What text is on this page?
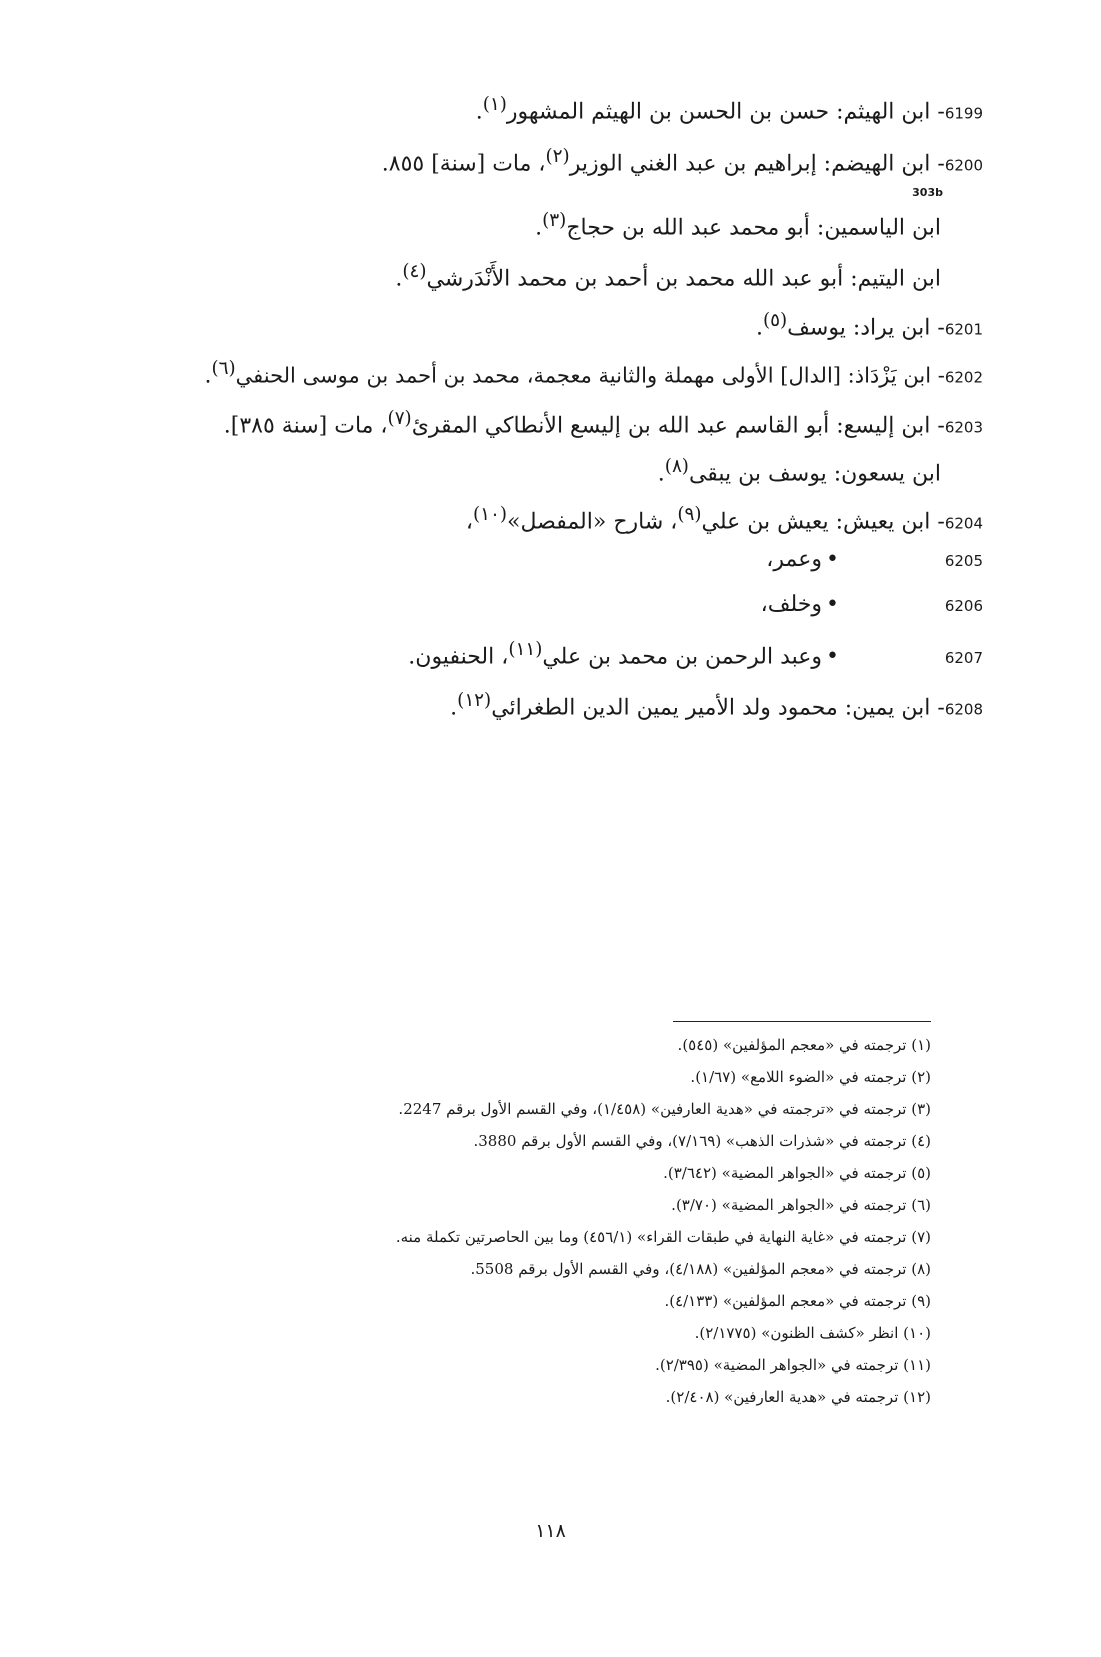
6199- ابن الهيثم: حسن بن الحسن بن الهيثم المشهور$^{(١)}$.
6200- ابن الهيضم: إبراهيم بن عبد الغني الوزير$^{(٢)}$، مات [سنة] ٨٥٥.
303b
ابن الياسمين: أبو محمد عبد الله بن حجاج$^{(٣)}$.
ابن اليتيم: أبو عبد الله محمد بن أحمد بن محمد الأَنْدَرشي$^{(٤)}$.
6201- ابن يراد: يوسف$^{(٥)}$.
6202- ابن يَزْدَاذ: [الدال] الأولى مهملة والثانية معجمة، محمد بن أحمد بن موسى الحنفي$^{(٦)}$.
6203- ابن إليسع: أبو القاسم عبد الله بن إليسع الأنطاكي المقرئ$^{(٧)}$، مات [سنة ٣٨٥].
ابن يسعون: يوسف بن يبقى$^{(٨)}$.
6204- ابن يعيش: يعيش بن علي$^{(٩)}$، شارح «المفصل»$^{(١٠)}$،
6205  •وعمر،
6206  •وخلف،
6207  •وعبد الرحمن بن محمد بن علي$^{(١١)}$، الحنفيون.
6208- ابن يمين: محمود ولد الأمير يمين الدين الطغرائي$^{(١٢)}$.
(١) ترجمته في «معجم المؤلفين» (٥٤٥).
(٢) ترجمته في «الضوء اللامع» (١/٦٧).
(٣) ترجمته في «ترجمته في «هدية العارفين» (١/٤٥٨)، وفي القسم الأول برقم 2247.
(٤) ترجمته في «شذرات الذهب» (٧/١٦٩)، وفي القسم الأول برقم 3880.
(٥) ترجمته في «الجواهر المضية» (٣/٦٤٢).
(٦) ترجمته في «الجواهر المضية» (٣/٧٠).
(٧) ترجمته في «غاية النهاية في طبقات القراء» (٤٥٦/١) وما بين الحاصرتين تكملة منه.
(٨) ترجمته في «معجم المؤلفين» (٤/١٨٨)، وفي القسم الأول برقم 5508.
(٩) ترجمته في «معجم المؤلفين» (٤/١٣٣).
(١٠) انظر «كشف الظنون» (٢/١٧٧٥).
(١١) ترجمته في «الجواهر المضية» (٢/٣٩٥).
(١٢) ترجمته في «هدية العارفين» (٢/٤٠٨).
١١٨
